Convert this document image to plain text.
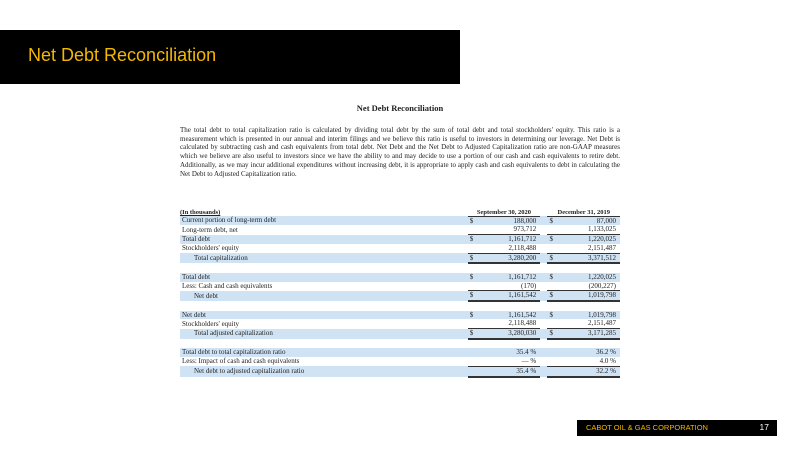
Net Debt Reconciliation
Net Debt Reconciliation

The total debt to total capitalization ratio is calculated by dividing total debt by the sum of total debt and total stockholders' equity. This ratio is a measurement which is presented in our annual and interim filings and we believe this ratio is useful to investors in determining our leverage. Net Debt is calculated by subtracting cash and cash equivalents from total debt. Net Debt and the Net Debt to Adjusted Capitalization ratio are non-GAAP measures which we believe are also useful to investors since we have the ability to and may decide to use a portion of our cash and cash equivalents to retire debt. Additionally, as we may incur additional expenditures without increasing debt, it is appropriate to apply cash and cash equivalents to debt in calculating the Net Debt to Adjusted Capitalization ratio.

(In thousands)	September 30, 2020			December 31, 2019	
Current portion of long-term debt	$	188,000		$	87,000
Long-term debt, net		973,712			1,133,025
Total debt	$	1,161,712		$	1,220,025
Stockholders' equity		2,118,488			2,151,487
Total capitalization	$	3,280,200		$	3,371,512

Total debt	$	1,161,712		$	1,220,025
Less: Cash and cash equivalents		(170)			(200,227)
Net debt	$	1,161,542		$	1,019,798

Net debt	$	1,161,542		$	1,019,798
Stockholders' equity		2,118,488			2,151,487
Total adjusted capitalization	$	3,280,030		$	3,171,285

Total debt to total capitalization ratio		35.4 %			36.2 %
Less: Impact of cash and cash equivalents		— %			4.0 %
Net debt to adjusted capitalization ratio		35.4 %			32.2 %
CABOT OIL & GAS CORPORATION	17
